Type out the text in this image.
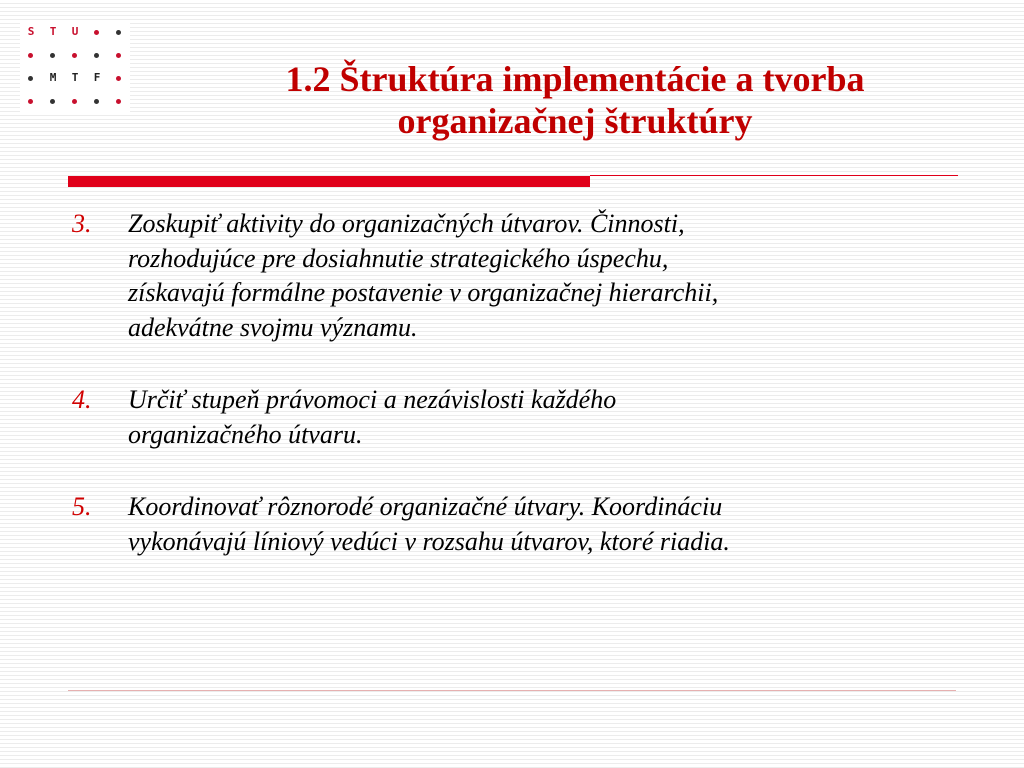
S	T	U
M	T	F	1.2 Štruktúra implementácie a tvorba
organizačnej štruktúry
3. Zoskupiť aktivity do organizačných útvarov. Činnosti,
rozhodujúce pre dosiahnutie strategického úspechu,
získavajú formálne postavenie v organizačnej hierarchii,
adekvátne svojmu významu.
4. Určiť stupeň právomoci a nezávislosti každého
organizačného útvaru.
5. Koordinovať rôznorodé organizačné útvary. Koordináciu
vykonávajú líniový vedúci v rozsahu útvarov, ktoré riadia.
